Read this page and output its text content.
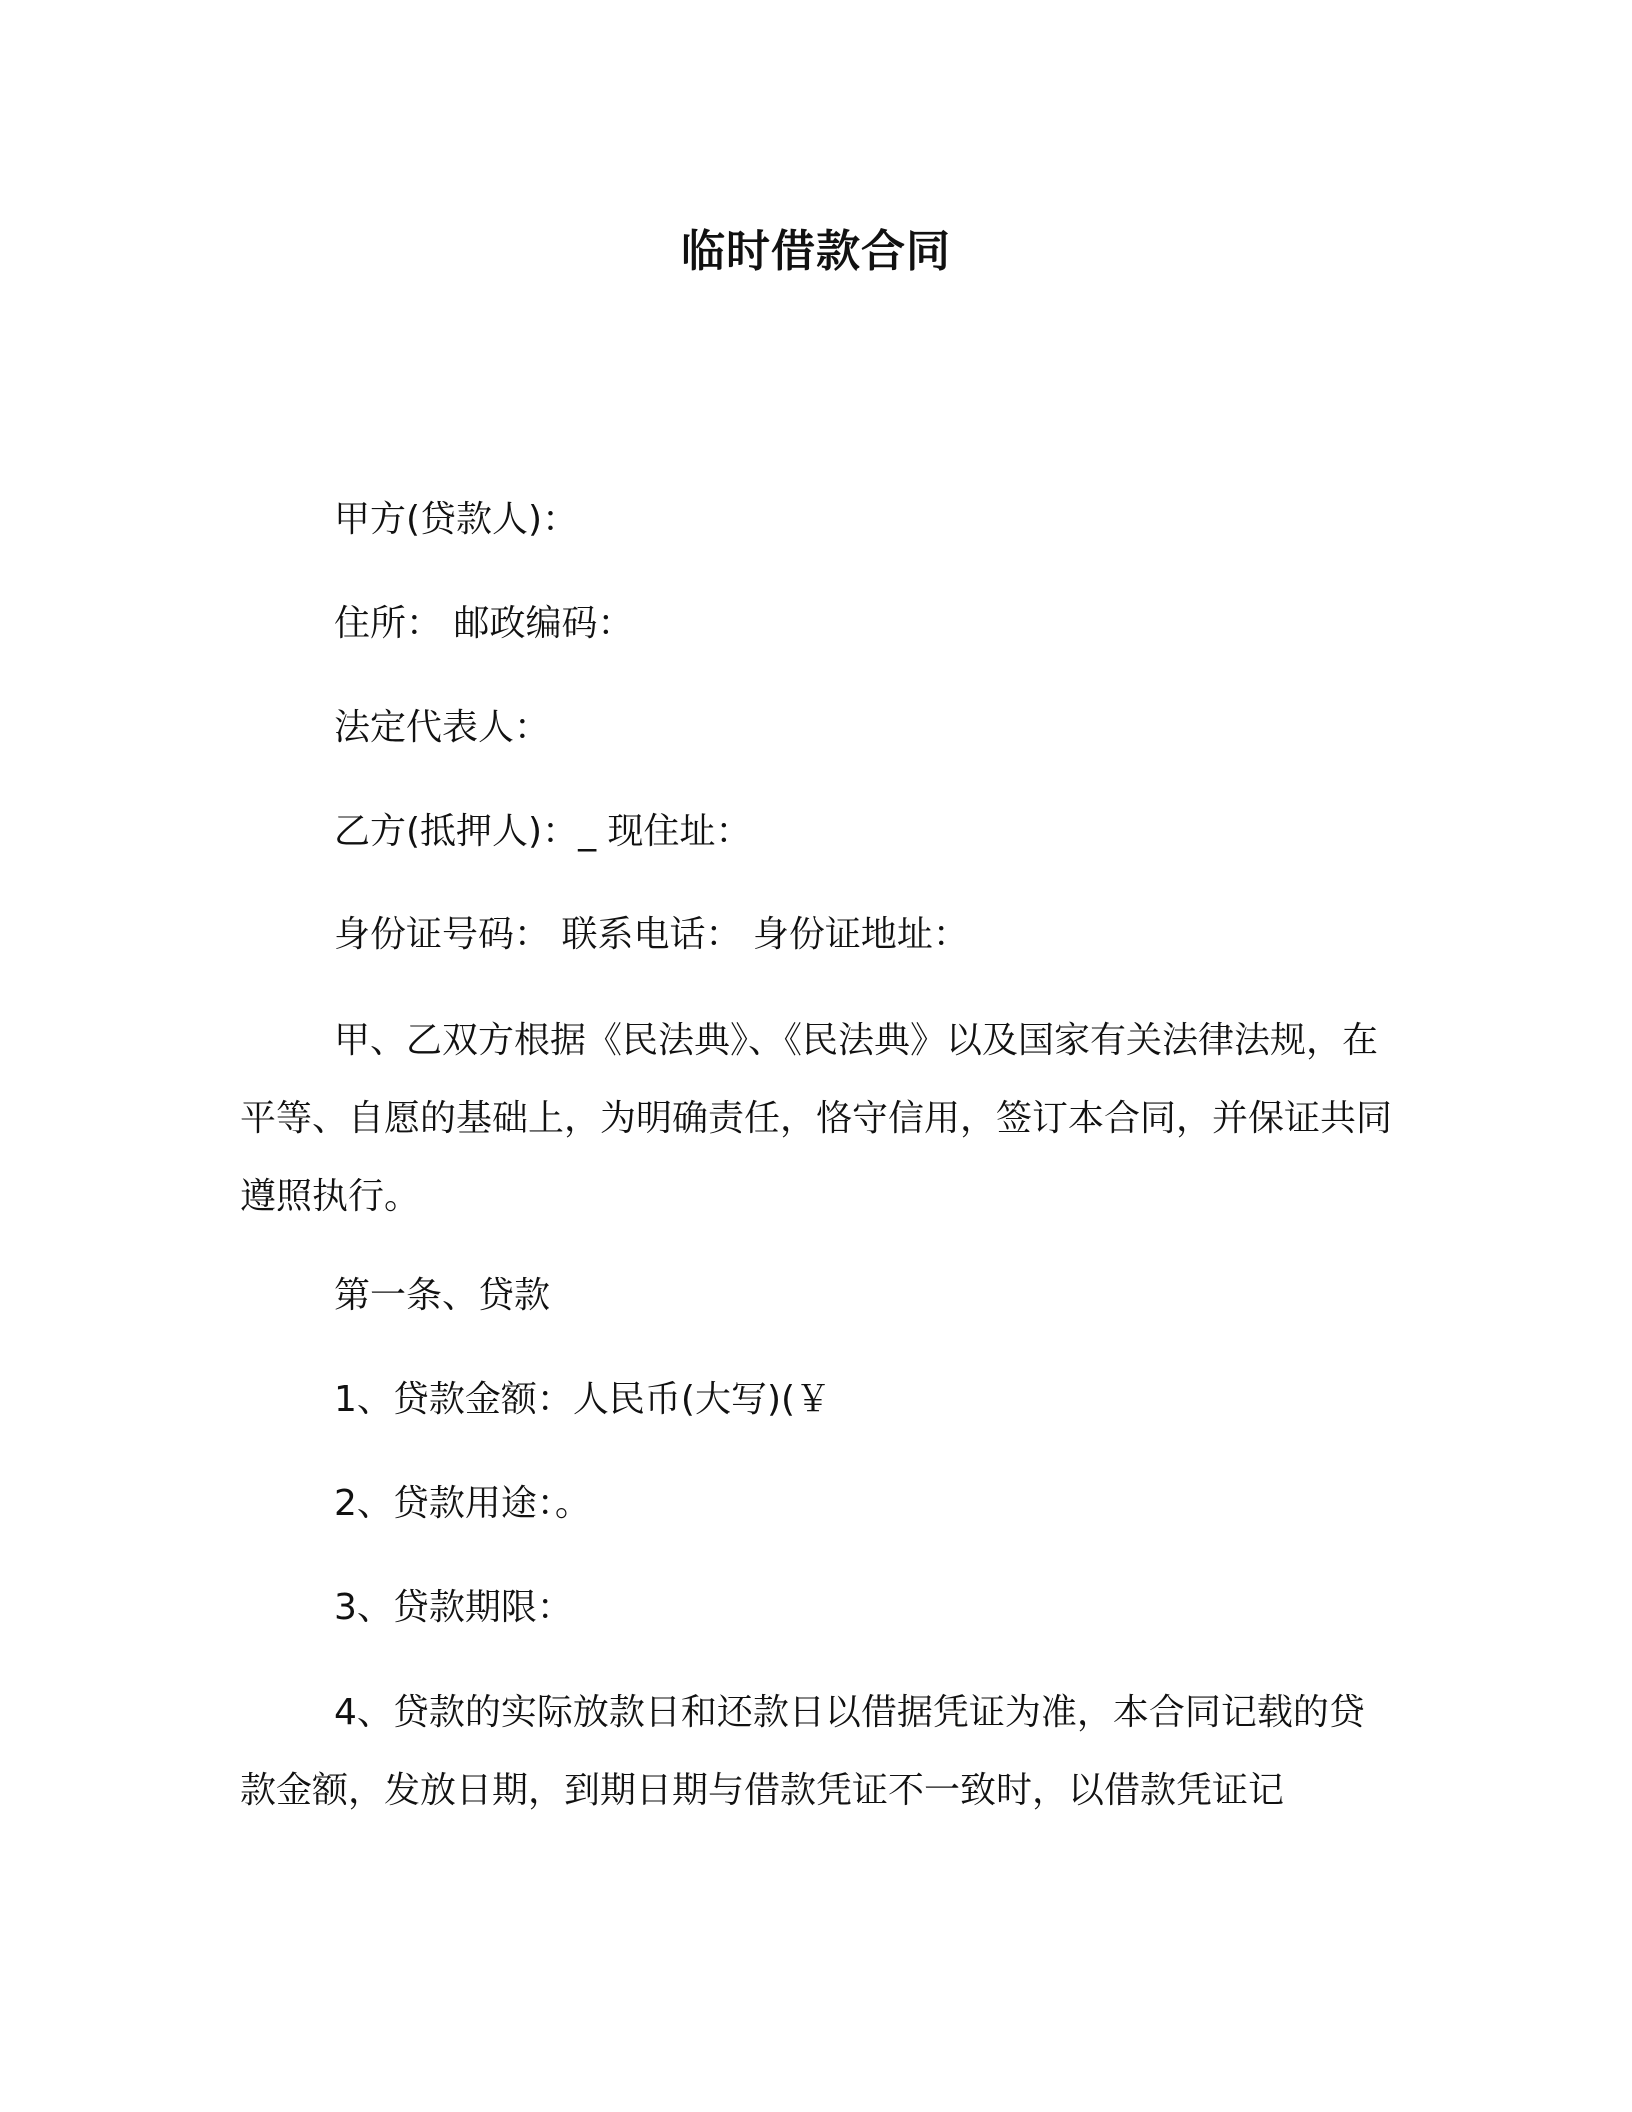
临时借款合同
甲方(贷款人)：
住所： 邮政编码：
法定代表人：
乙方(抵押人)：_ 现住址：
身份证号码： 联系电话： 身份证地址：

甲、乙双方根据《民法典》、《民法典》以及国家有关法律法规，在平等、自愿的基础上，为明确责任，恪守信用，签订本合同，并保证共同遵照执行。

第一条、贷款
1、贷款金额：人民币(大写)(￥
2、贷款用途：。
3、贷款期限：

4、贷款的实际放款日和还款日以借据凭证为准，本合同记载的贷款金额，发放日期，到期日期与借款凭证不一致时，以借款凭证记
